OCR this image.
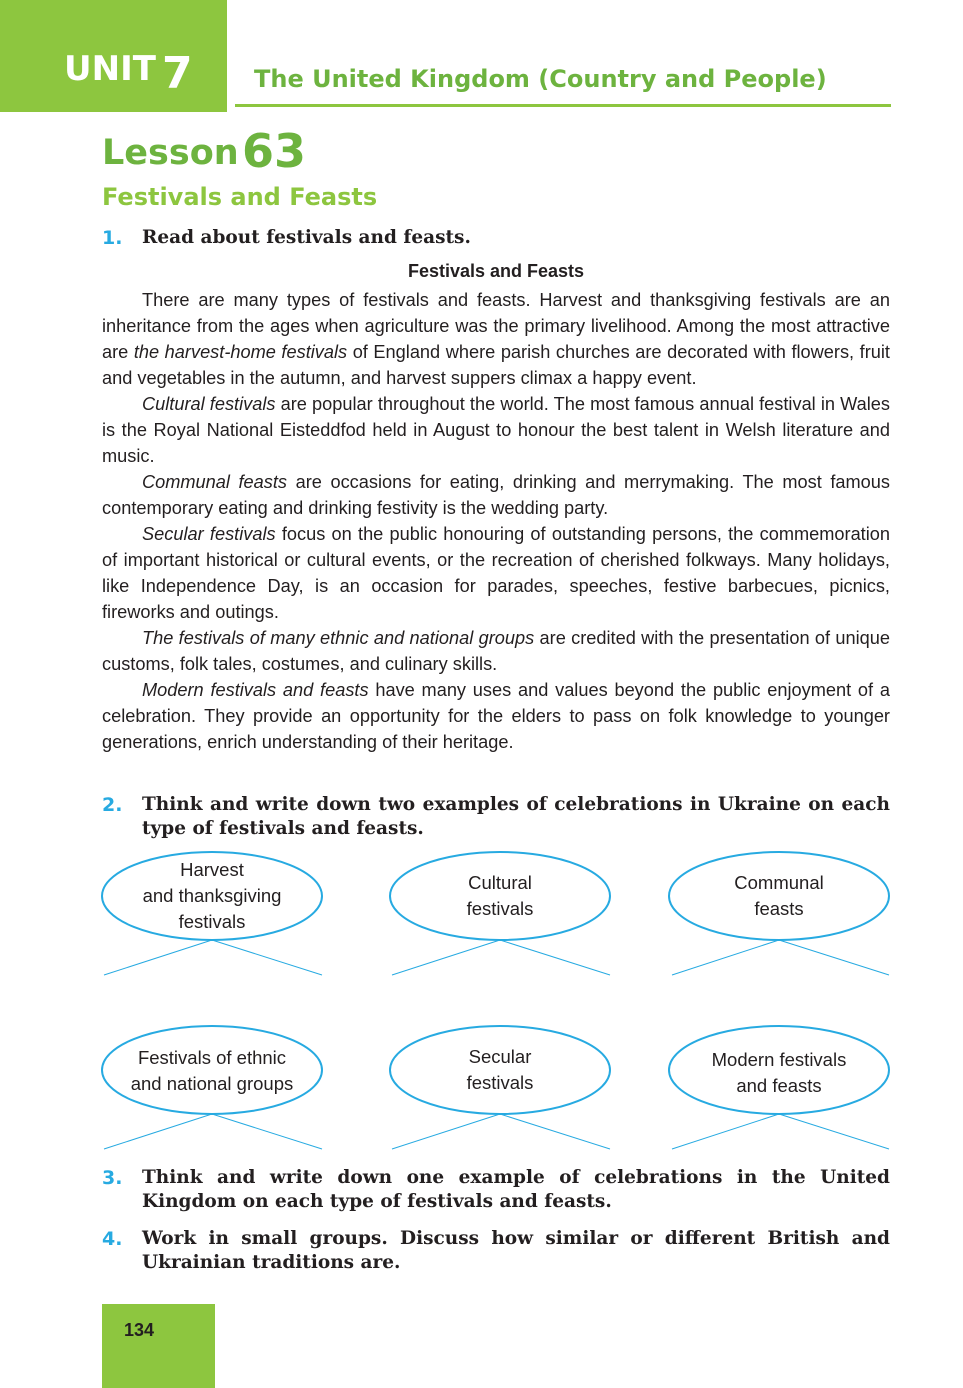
UNIT 7	The United Kingdom (Country and People)
Lesson 63
Festivals and Feasts
1. Read about festivals and feasts.
Festivals and Feasts

There are many types of festivals and feasts. Harvest and thanksgiving festivals are an inheritance from the ages when agriculture was the primary livelihood. Among the most attractive are the harvest-home festivals of England where parish churches are decorated with flowers, fruit and vegetables in the autumn, and harvest suppers climax a happy event.

Cultural festivals are popular throughout the world. The most famous annual festival in Wales is the Royal National Eisteddfod held in August to honour the best talent in Welsh literature and music.

Communal feasts are occasions for eating, drinking and merrymaking. The most famous contemporary eating and drinking festivity is the wedding party.

Secular festivals focus on the public honouring of outstanding persons, the commemoration of important historical or cultural events, or the recreation of cherished folkways. Many holidays, like Independence Day, is an occasion for parades, speeches, festive barbecues, picnics, fireworks and outings.

The festivals of many ethnic and national groups are credited with the presentation of unique customs, folk tales, costumes, and culinary skills.

Modern festivals and feasts have many uses and values beyond the public enjoyment of a celebration. They provide an opportunity for the elders to pass on folk knowledge to younger generations, enrich understanding of their heritage.

2. Think and write down two examples of celebrations in Ukraine on each type of festivals and feasts.
Harvest
and thanksgiving
festivals
Cultural
festivals
Communal
feasts
Festivals of ethnic
and national groups
Secular
festivals
Modern festivals
and feasts
3. Think and write down one example of celebrations in the United Kingdom on each type of festivals and feasts.
4. Work in small groups. Discuss how similar or different British and Ukrainian traditions are.
134
